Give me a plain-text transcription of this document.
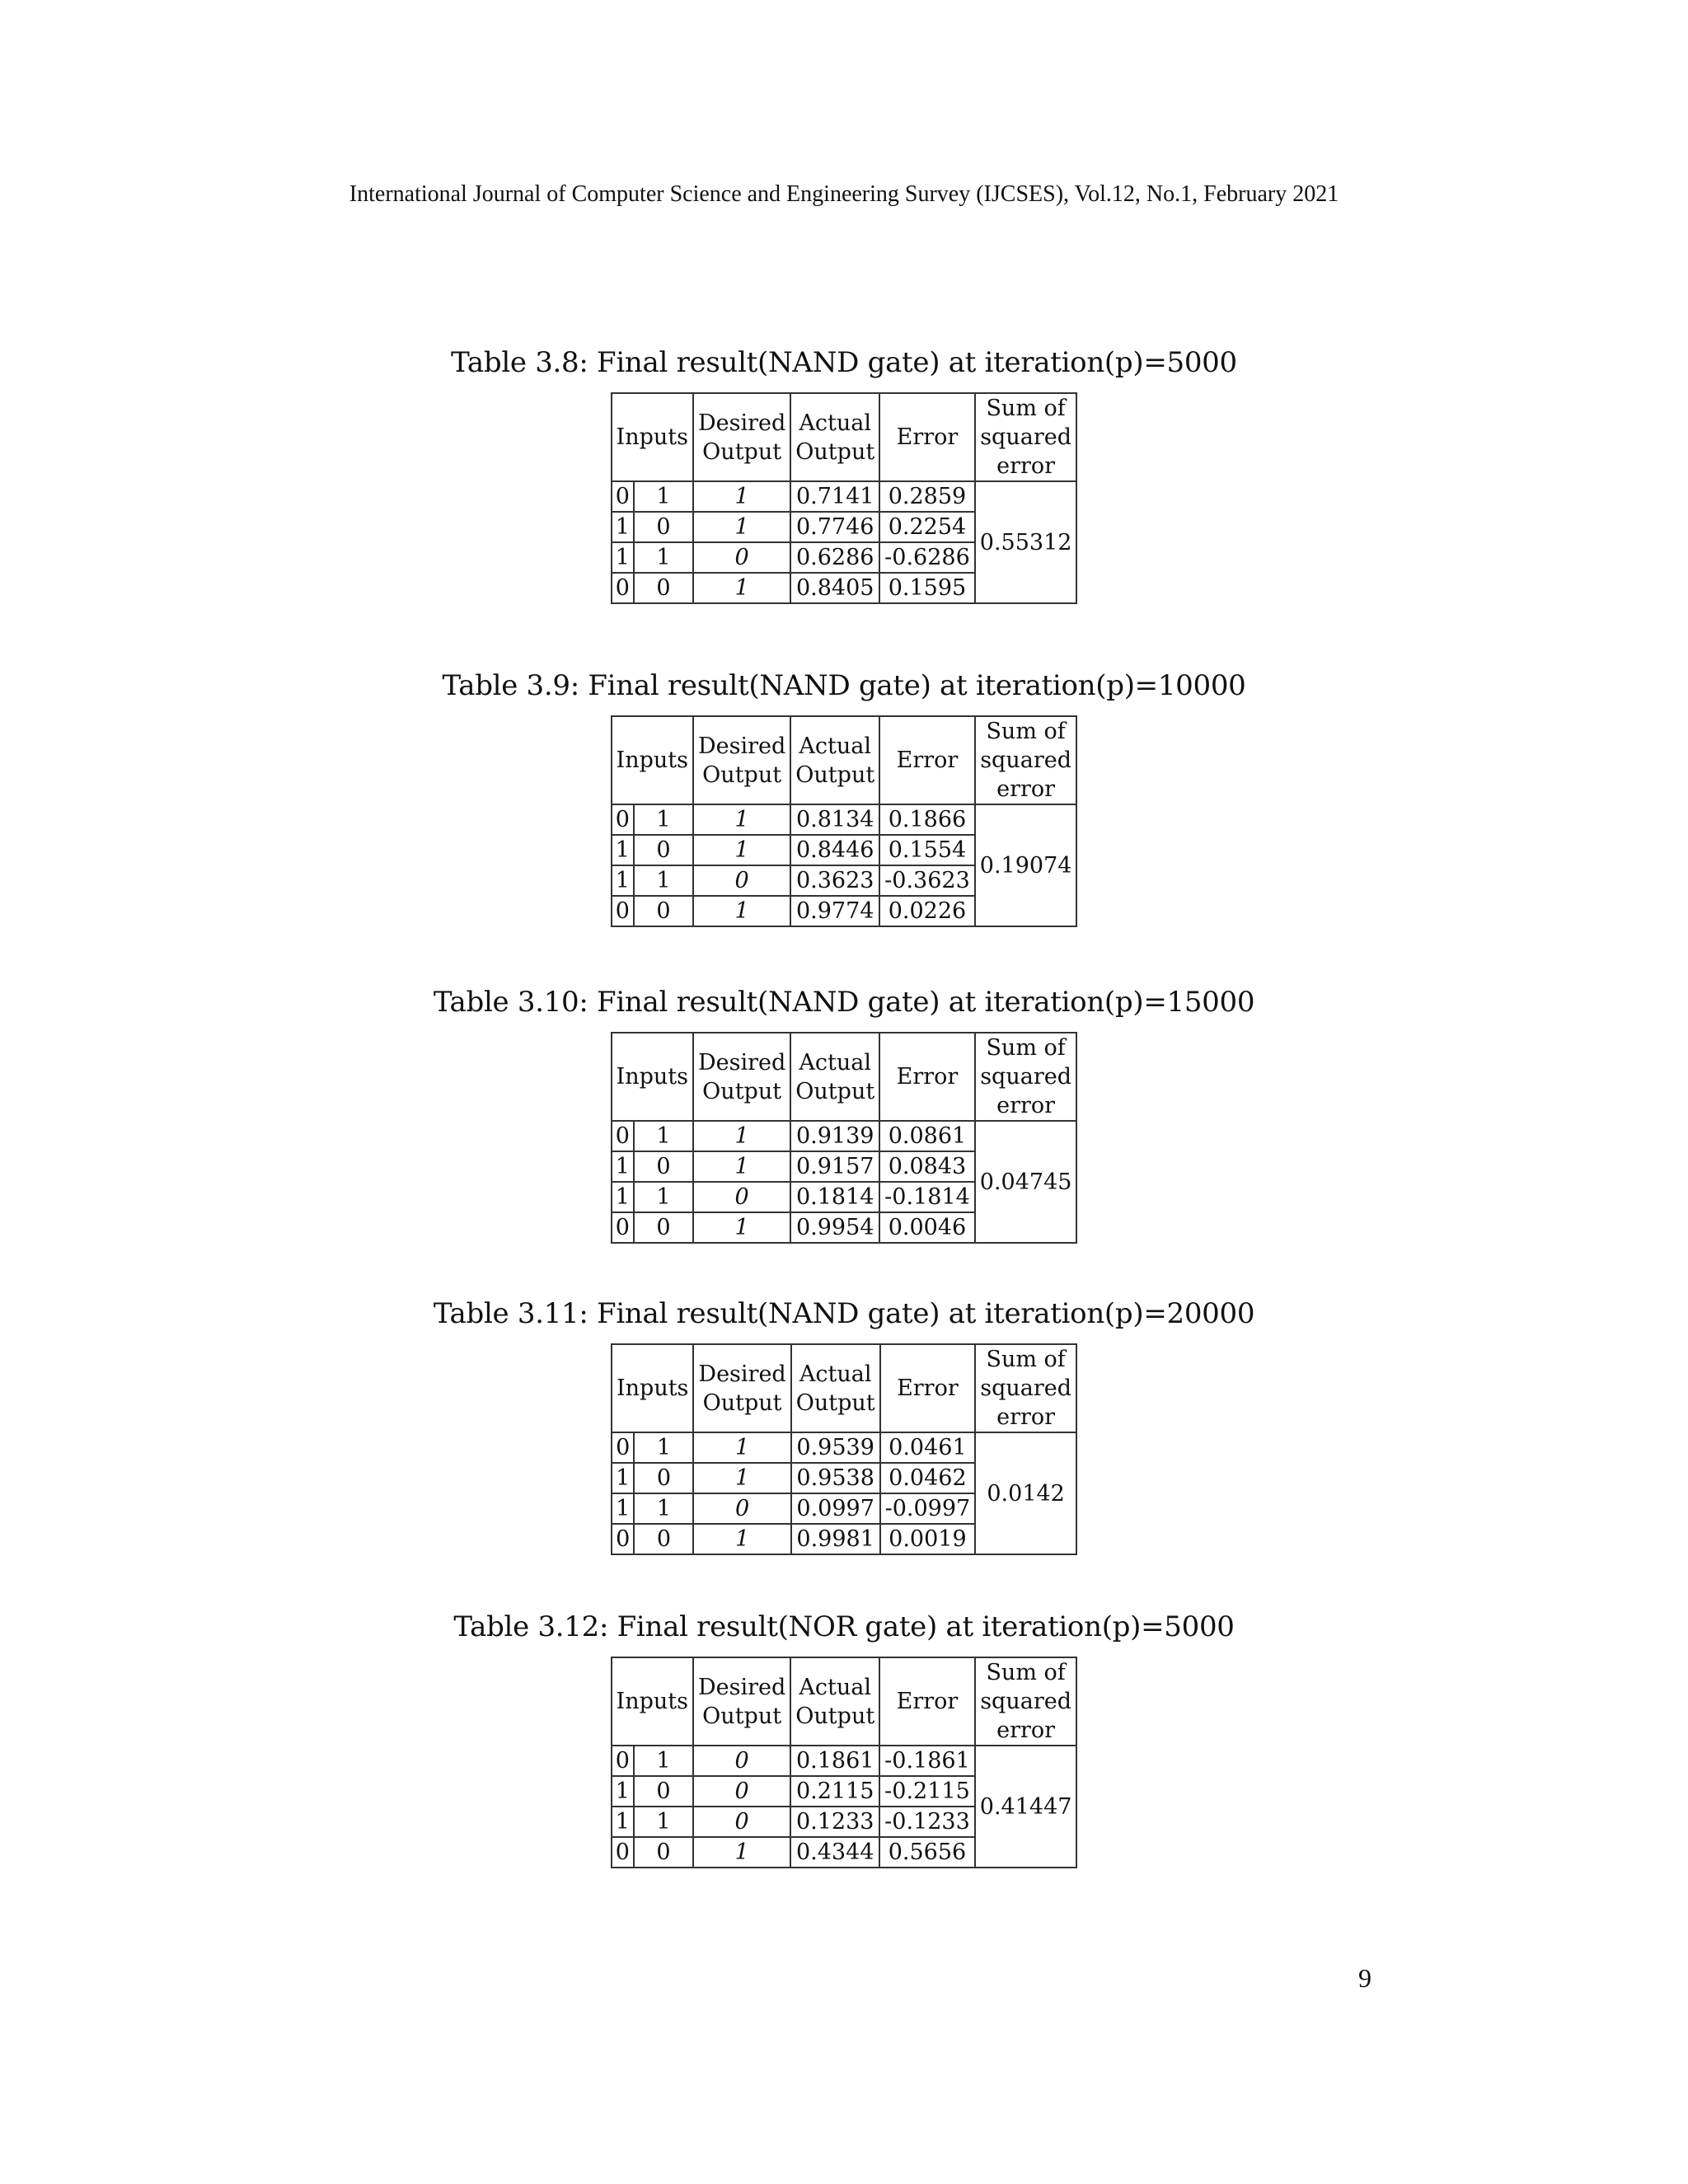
International Journal of Computer Science and Engineering Survey (IJCSES), Vol.12, No.1, February 2021
Table 3.8: Final result(NAND gate) at iteration(p)=5000
Inputs		Desired Output	Actual Output	Error	Sum of squared error
0	1	1	0.7141	0.2859	0.55312
1	0	1	0.7746	0.2254	
1	1	0	0.6286	-0.6286	
0	0	1	0.8405	0.1595	
Table 3.9: Final result(NAND gate) at iteration(p)=10000
Inputs		Desired Output	Actual Output	Error	Sum of squared error
0	1	1	0.8134	0.1866	0.19074
1	0	1	0.8446	0.1554	
1	1	0	0.3623	-0.3623	
0	0	1	0.9774	0.0226	
Table 3.10: Final result(NAND gate) at iteration(p)=15000
Inputs		Desired Output	Actual Output	Error	Sum of squared error
0	1	1	0.9139	0.0861	0.04745
1	0	1	0.9157	0.0843	
1	1	0	0.1814	-0.1814	
0	0	1	0.9954	0.0046	
Table 3.11: Final result(NAND gate) at iteration(p)=20000
Inputs		Desired Output	Actual Output	Error	Sum of squared error
0	1	1	0.9539	0.0461	0.0142
1	0	1	0.9538	0.0462	
1	1	0	0.0997	-0.0997	
0	0	1	0.9981	0.0019	
Table 3.12: Final result(NOR gate) at iteration(p)=5000
Inputs		Desired Output	Actual Output	Error	Sum of squared error
0	1	0	0.1861	-0.1861	0.41447
1	0	0	0.2115	-0.2115	
1	1	0	0.1233	-0.1233	
0	0	1	0.4344	0.5656	
9
